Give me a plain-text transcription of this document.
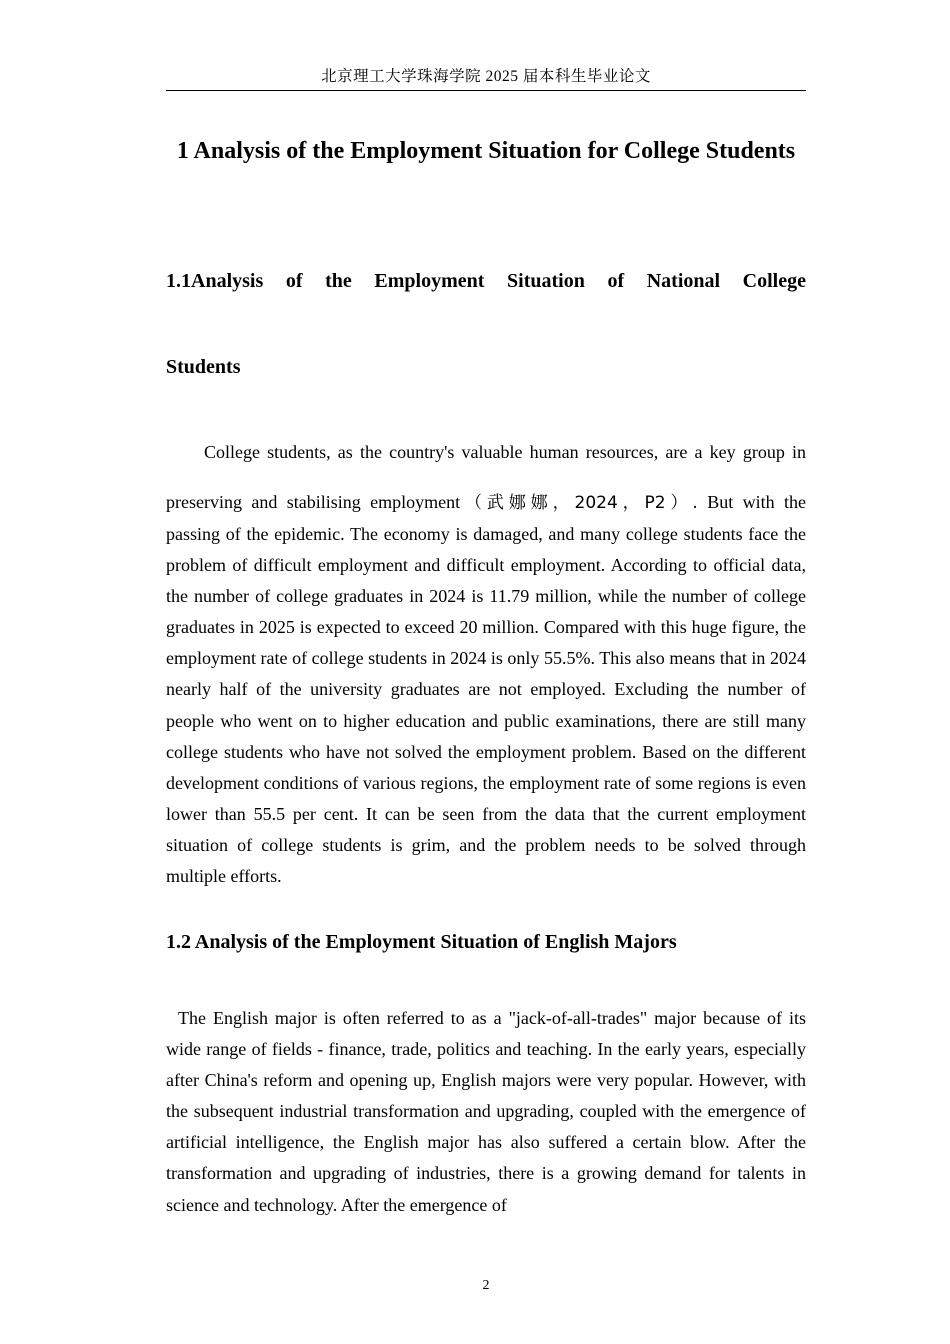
北京理工大学珠海学院 2025 届本科生毕业论文
1 Analysis of the Employment Situation for College Students
1.1Analysis of the Employment Situation of National College
Students

College students, as the country's valuable human resources, are a key group in preserving and stabilising employment（武娜娜，2024，P2）. But with the

passing of the epidemic. The economy is damaged, and many college students face the problem of difficult employment and difficult employment. According to official data, the number of college graduates in 2024 is 11.79 million, while the number of college graduates in 2025 is expected to exceed 20 million. Compared with this huge figure, the employment rate of college students in 2024 is only 55.5%. This also means that in 2024 nearly half of the university graduates are not employed. Excluding the number of people who went on to higher education and public examinations, there are still many college students who have not solved the employment problem. Based on the different development conditions of various regions, the employment rate of some regions is even lower than 55.5 per cent. It can be seen from the data that the current employment situation of college students is grim, and the problem needs to be solved through multiple efforts.

1.2 Analysis of the Employment Situation of English Majors

The English major is often referred to as a "jack-of-all-trades" major because of its wide range of fields - finance, trade, politics and teaching. In the early years, especially after China's reform and opening up, English majors were very popular. However, with the subsequent industrial transformation and upgrading, coupled with the emergence of artificial intelligence, the English major has also suffered a certain blow. After the transformation and upgrading of industries, there is a growing demand for talents in science and technology. After the emergence of

2
